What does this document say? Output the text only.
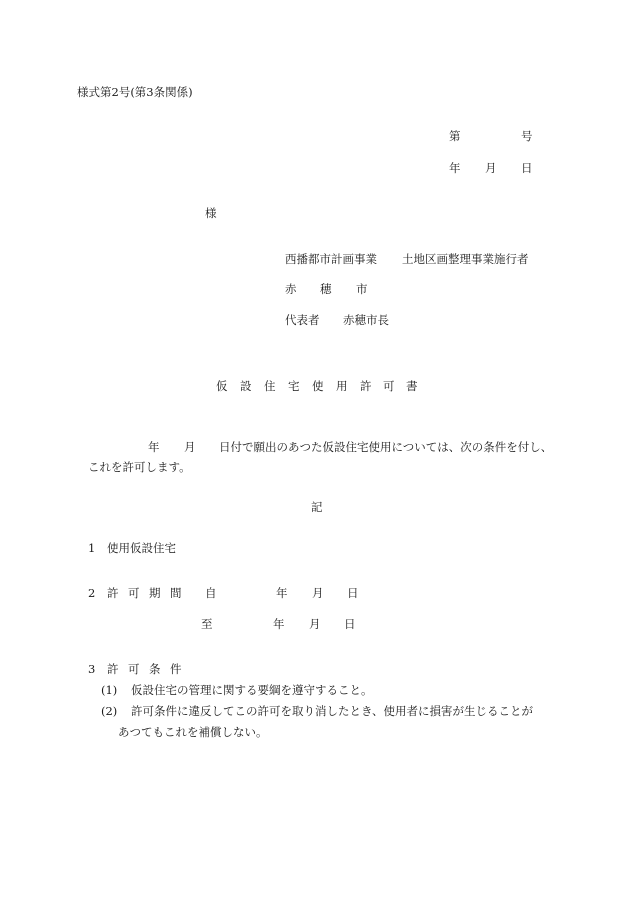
様式第2号(第3条関係)
第	号
年 月 日
様
西播都市計画事業 土地区画整理事業施行者
赤 穂 市
代表者 赤穂市長
仮 設 住 宅 使 用 許 可 書
年 月 日付で願出のあつた仮設住宅使用については、次の条件を付し、
これを許可します。
記
1 使用仮設住宅
2 許 可 期 間 自	年 月 日
至	年 月 日
3 許 可 条 件
(1) 仮設住宅の管理に関する要綱を遵守すること。
(2) 許可条件に違反してこの許可を取り消したとき、使用者に損害が生じることが
あつてもこれを補償しない。
